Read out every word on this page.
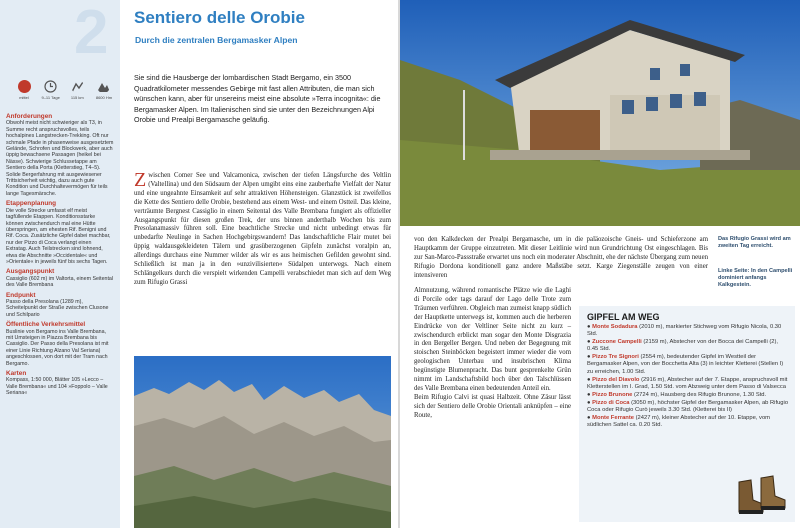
2
mittel	9–11 Tage	115 km	8600 Hm
Anforderungen

Obwohl meist nicht schwieriger als T3, in Summe recht anspruchsvolles, teils hochalpines Langstrecken-Trekking. Oft nur schmale Pfade in phasenweise ausgesetztem Gelände, Schrofen und Blockwerk, aber auch üppig bewachsene Passagen (heikel bei Nässe). Schwierige Schlussetappe am Sentiero della Porta (Kletterstieg, T4–5). Solide Bergerfahrung mit ausgewiesener Trittsicherheit wichtig, dazu auch gute Kondition und Durchhaltevermögen für teils lange Tagesmärsche.

Etappenplanung

Die volle Strecke umfasst elf meist tagfüllende Etappen. Konditionsstarke können zwischendurch mal eine Hütte überspringen, am ehesten Rif. Benigni und Rif. Coca. Zusätzliche Gipfel dabei machbar, nur der Pizzo di Coca verlangt einen Extratag. Auch Teilstrecken sind lohnend, etwa die Abschnitte »Occidentale« und »Orientale« in jeweils fünf bis sechs Tagen.

Ausgangspunkt

Cassiglio (602 m) im Valtorta, einem Seitental des Valle Brembana

Endpunkt

Passo della Presolana (1289 m), Scheitelpunkt der Straße zwischen Clusone und Schilpario

Öffentliche Verkehrsmittel

Buslinie von Bergamo ins Valle Brembana, mit Umsteigen in Piazza Brembana bis Cassiglio. Der Passo della Presolana ist mit einer Linie Richtung Alzano Val Seriana) angeschlossen, von dort mit der Tram nach Bergamo.

Karten

Kompass, 1:50 000, Blätter 105 »Lecco – Valle Brembana« und 104 »Foppolo – Valle Seriana«

Sentiero delle Orobie
Durch die zentralen Bergamasker Alpen

Sie sind die Hausberge der lombardischen Stadt Bergamo, ein 3500 Quadratkilometer messendes Gebirge mit fast allen Attributen, die man sich wünschen kann, aber für unsereins meist eine absolute »Terra incognita«: die Bergamasker Alpen. Im Italienischen sind sie unter den Bezeichnungen Alpi Orobie und Prealpi Bergamasche geläufig.

Zwischen Comer See und Valcamonica, zwischen der tiefen Längsfurche des Veltlin (Valtellina) und den Südsaum der Alpen umgibt eins eine zauberhafte Vielfalt der Natur und eine ungeahnte Einsamkeit auf sehr attraktiven Höhensteigen. Glanzstück ist zweifellos die Kette des Sentiero delle Orobie, bestehend aus einem West- und einem Ostteil. Das kleine, verträumte Bergnest Cassiglio in einem Seitental des Valle Brembana fungiert als offizieller Ausgangspunkt für diesen großen Trek, der uns binnen anderthalb Wochen bis zum Presolanamassiv führen soll. Eine beachtliche Strecke und nicht unbedingt etwas für unbedarfte Neulinge in Sachen Hochgebirgswandern! Das landschaftliche Flair mutet bei üppig waldausgekleideten Tälern und grasüberzogenen Gipfeln zunächst voralpin an, allerdings durchaus eine Nummer wilder als wir es aus heimischen Gefilden gewohnt sind. Schließlich ist man ja in den »unzivilisierten« Südalpen unterwegs. Nach einem Schlängelkurs durch die verspielt wirkenden Campelli verabschiedet man sich auf dem Weg zum Rifugio Grassi

von den Kalkdecken der Prealpi Bergamasche, um in die paläozoische Gneis- und Schieferzone am Hauptkamm der Gruppe einzutreten. Mit dieser Leitlinie wird nun Grundrichtung Ost eingeschlagen. Bis zur San-Marco-Passstraße erwartet uns noch ein moderater Abschnitt, ehe der nächste Übergang zum neuen Rifugio Dordona konditionell ganz andere Maßstäbe setzt. Karge Ziegenställe zeugen von einer intensiveren

Almnutzung, während romantische Plätze wie die Laghi di Porcile oder tags darauf der Lago delle Trote zum Träumen verführen. Obgleich man zumeist knapp südlich der Hauptkette unterwegs ist, kommen auch die herberen Eindrücke von der Veltliner Seite nicht zu kurz – zwischendurch erblickt man sogar den Monte Disgrazia in den Bergeller Bergen. Und neben der Begegnung mit stoischen Steinböcken begeistert immer wieder die vom geologischen Unterbau und insubrischen Klima begünstigte Blumenpracht. Das bunt gesprenkelte Grün nimmt im Landschaftsbild hoch über den Talschlüssen des Valle Brembana einen bedeutenden Anteil ein.

Beim Rifugio Calvi ist quasi Halbzeit. Ohne Zäsur lässt sich der Sentiero delle Orobie Orientali anknüpfen – eine Route,

Das Rifugio Grassi wird am zweiten Tag erreicht.
Linke Seite: In den Campelli dominiert anfangs Kalkgestein.
GIPFEL AM WEG
● Monte Sodadura (2010 m), markierter Stichweg vom Rifugio Nicola, 0.30 Std.
● Zuccone Campelli (2159 m), Abstecher von der Bocca dei Campelli (2), 0.45 Std.
● Pizzo Tre Signori (2554 m), bedeutender Gipfel im Westteil der Bergamasker Alpen, von der Bocchetta Alta (3) in leichter Kletterei (Stellen I) zu erreichen, 1.00 Std.
● Pizzo del Diavolo (2916 m), Abstecher auf der 7. Etappe, anspruchsvoll mit Kletterstellen im I. Grad, 1.50 Std. vom Abzweig unter dem Passo di Valsecca
● Pizzo Brunone (2724 m), Hausberg des Rifugio Brunone, 1.30 Std.
● Pizzo di Coca (3050 m), höchster Gipfel der Bergamasker Alpen, ab Rifugio Coca oder Rifugio Curò jeweils 3.30 Std. (Kletterei bis II)
● Monte Ferrante (2427 m), kleiner Abstecher auf der 10. Etappe, vom südlichen Sattel ca. 0.20 Std.
